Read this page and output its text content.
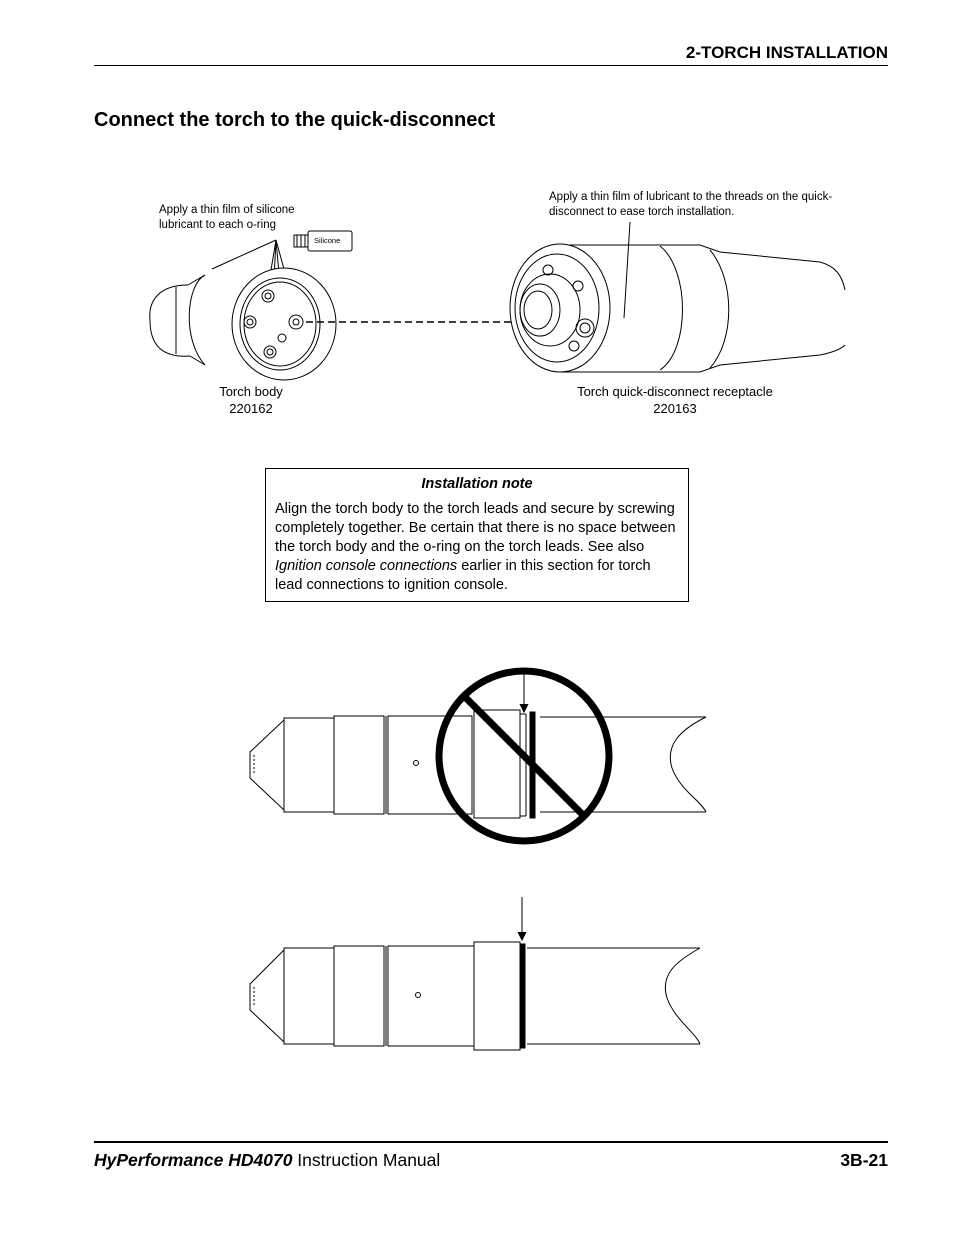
2-TORCH INSTALLATION
Connect the torch to the quick-disconnect
Apply a thin film of silicone lubricant to each o-ring
Apply a thin film of lubricant to the threads on the quick-disconnect to ease torch installation.
Silicone
Torch body
220162
Torch quick-disconnect receptacle
220163
Installation note
Align the torch body to the torch leads and secure by screwing completely together. Be certain that there is no space between the torch body and the o-ring on the torch leads. See also Ignition console connections earlier in this section for torch lead connections to ignition console.
HyPerformance HD4070 Instruction Manual	3B-21
